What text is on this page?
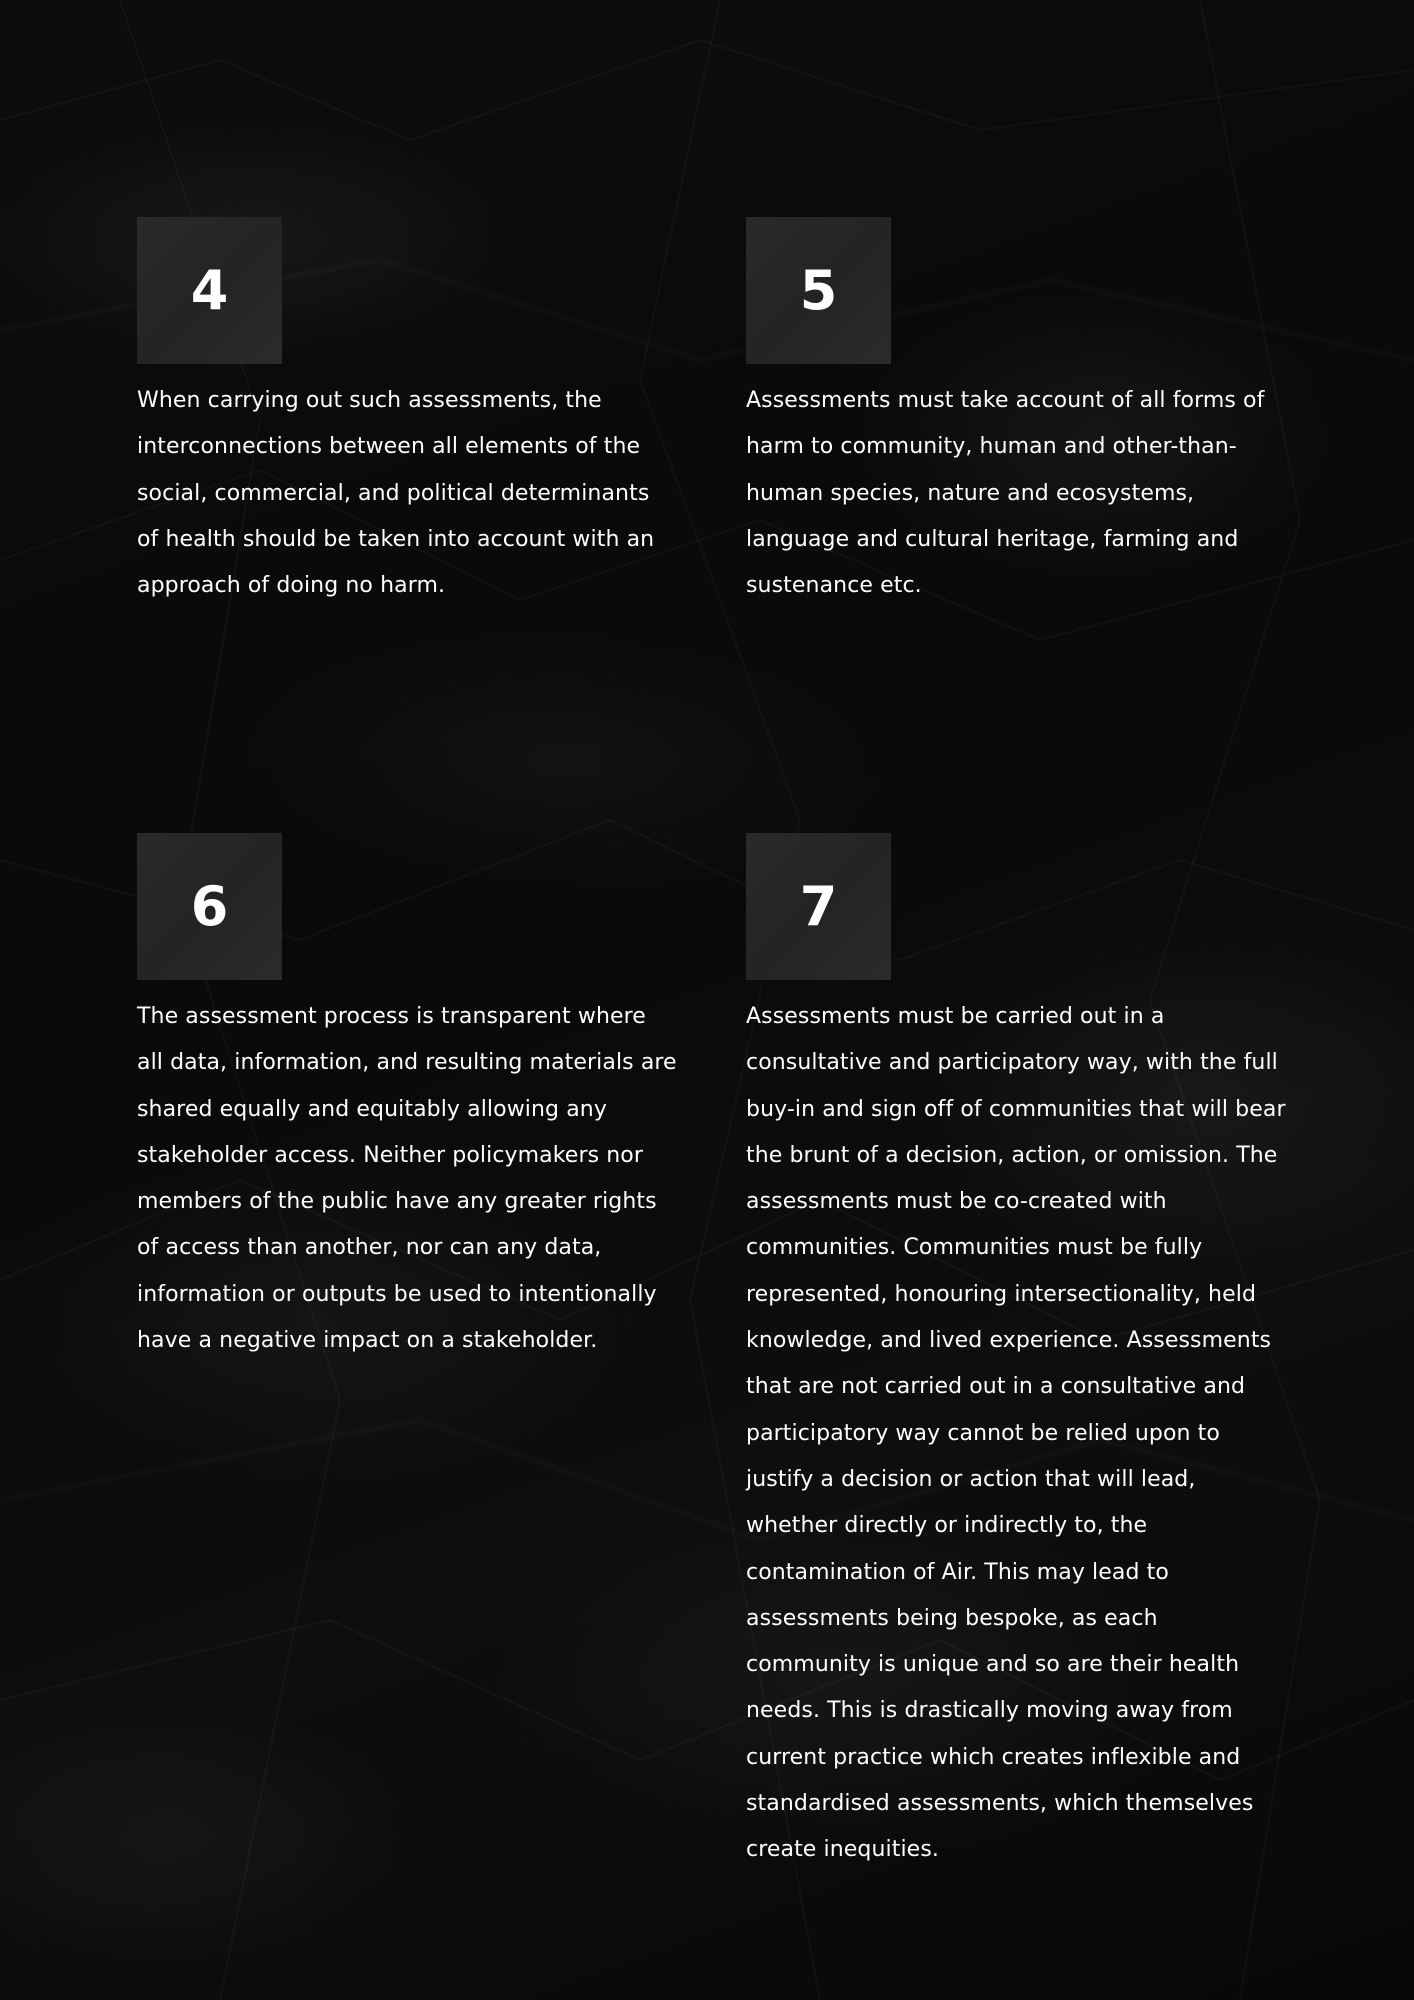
4

When carrying out such assessments, the interconnections between all elements of the social, commercial, and political determinants of health should be taken into account with an approach of doing no harm.

5

Assessments must take account of all forms of harm to community, human and other-than-human species, nature and ecosystems, language and cultural heritage, farming and sustenance etc.

6

The assessment process is transparent where all data, information, and resulting materials are shared equally and equitably allowing any stakeholder access. Neither policymakers nor members of the public have any greater rights of access than another, nor can any data, information or outputs be used to intentionally have a negative impact on a stakeholder.

7

Assessments must be carried out in a consultative and participatory way, with the full buy-in and sign off of communities that will bear the brunt of a decision, action, or omission. The assessments must be co-created with communities. Communities must be fully represented, honouring intersectionality, held knowledge, and lived experience. Assessments that are not carried out in a consultative and participatory way cannot be relied upon to justify a decision or action that will lead, whether directly or indirectly to, the contamination of Air. This may lead to assessments being bespoke, as each community is unique and so are their health needs. This is drastically moving away from current practice which creates inflexible and standardised assessments, which themselves create inequities.
